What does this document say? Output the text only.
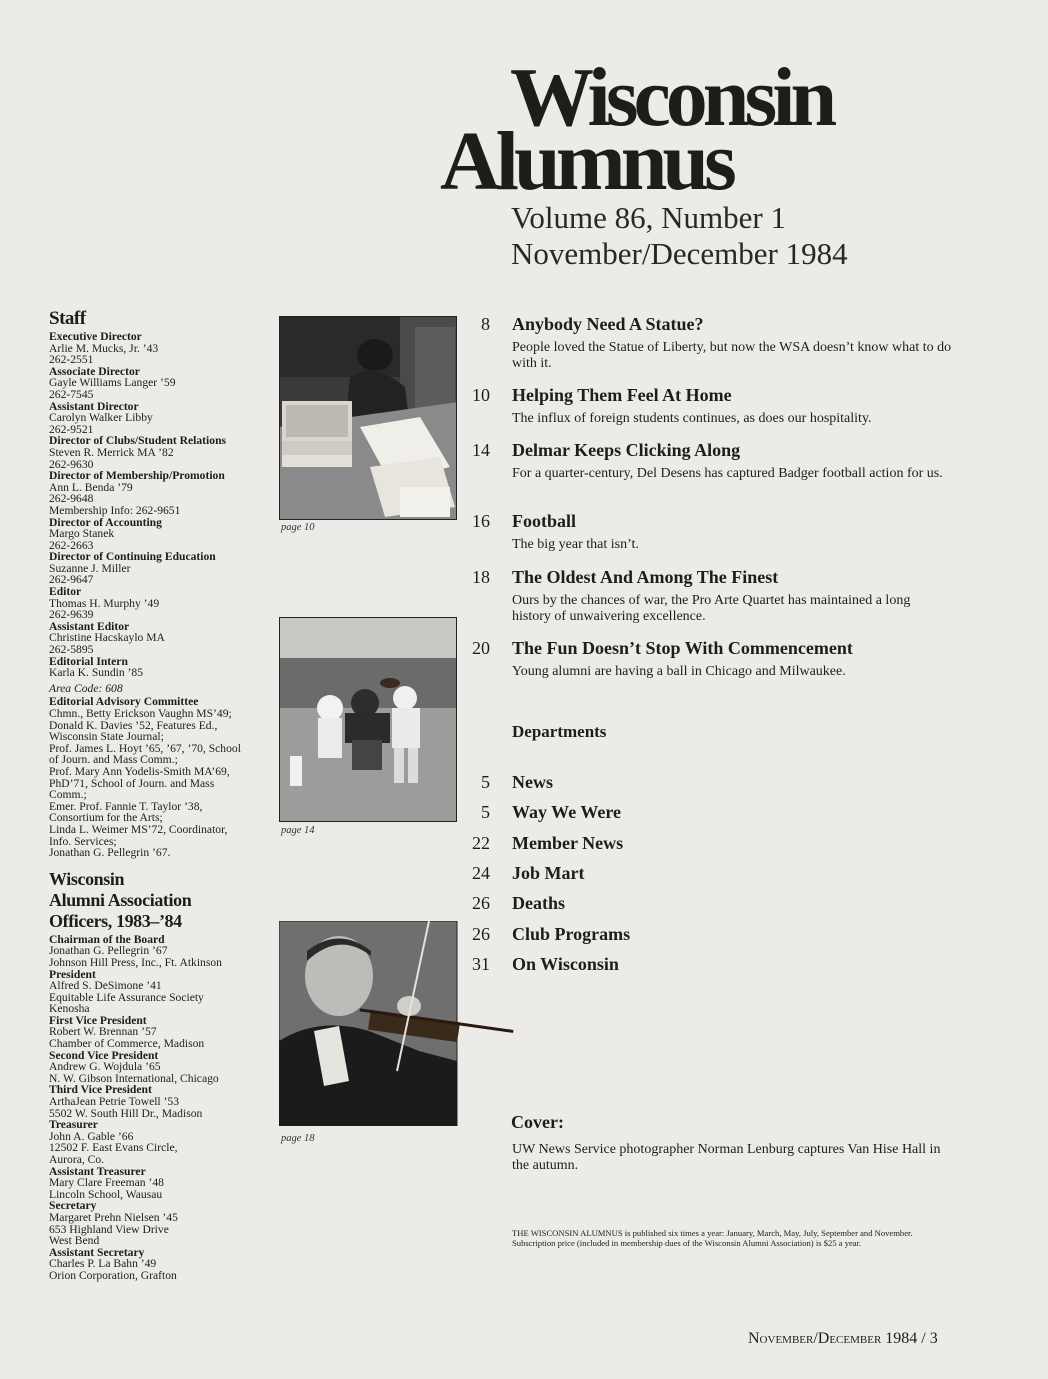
Wisconsin
Alumnus
Volume 86, Number 1
November/December 1984
Staff
Executive Director
Arlie M. Mucks, Jr. ’43
262-2551
Associate Director
Gayle Williams Langer ’59
262-7545
Assistant Director
Carolyn Walker Libby
262-9521
Director of Clubs/Student Relations
Steven R. Merrick MA ’82
262-9630
Director of Membership/Promotion
Ann L. Benda ’79
262-9648
Membership Info: 262-9651
Director of Accounting
Margo Stanek
262-2663
Director of Continuing Education
Suzanne J. Miller
262-9647
Editor
Thomas H. Murphy ’49
262-9639
Assistant Editor
Christine Hacskaylo MA
262-5895
Editorial Intern
Karla K. Sundin ’85
Area Code: 608
Editorial Advisory Committee
Chmn., Betty Erickson Vaughn MS’49;
Donald K. Davies ’52, Features Ed.,
Wisconsin State Journal;
Prof. James L. Hoyt ’65, ’67, ’70, School
of Journ. and Mass Comm.;
Prof. Mary Ann Yodelis-Smith MA’69,
PhD’71, School of Journ. and Mass
Comm.;
Emer. Prof. Fannie T. Taylor ’38,
Consortium for the Arts;
Linda L. Weimer MS’72, Coordinator,
Info. Services;
Jonathan G. Pellegrin ’67.
Wisconsin
Alumni Association
Officers, 1983–’84
Chairman of the Board
Jonathan G. Pellegrin ’67
Johnson Hill Press, Inc., Ft. Atkinson
President
Alfred S. DeSimone ’41
Equitable Life Assurance Society
Kenosha
First Vice President
Robert W. Brennan ’57
Chamber of Commerce, Madison
Second Vice President
Andrew G. Wojdula ’65
N. W. Gibson International, Chicago
Third Vice President
ArthaJean Petrie Towell ’53
5502 W. South Hill Dr., Madison
Treasurer
John A. Gable ’66
12502 F. East Evans Circle,
Aurora, Co.
Assistant Treasurer
Mary Clare Freeman ’48
Lincoln School, Wausau
Secretary
Margaret Prehn Nielsen ’45
653 Highland View Drive
West Bend
Assistant Secretary
Charles P. La Bahn ’49
Orion Corporation, Grafton
page 10
page 14
page 18
8 Anybody Need A Statue?
People loved the Statue of Liberty, but now the WSA doesn’t know what to do with it.
10 Helping Them Feel At Home
The influx of foreign students continues, as does our hospitality.
14 Delmar Keeps Clicking Along
For a quarter-century, Del Desens has captured Badger football action for us.
16 Football
The big year that isn’t.
18 The Oldest And Among The Finest
Ours by the chances of war, the Pro Arte Quartet has maintained a long history of unwaivering excellence.
20 The Fun Doesn’t Stop With Commencement
Young alumni are having a ball in Chicago and Milwaukee.
Departments
5 News
5 Way We Were
22 Member News
24 Job Mart
26 Deaths
26 Club Programs
31 On Wisconsin
Cover:
UW News Service photographer Norman Lenburg captures Van Hise Hall in the autumn.
THE WISCONSIN ALUMNUS is published six times a year: January, March, May, July, September and November. Subscription price (included in membership dues of the Wisconsin Alumni Association) is $25 a year.
November/December 1984 / 3
